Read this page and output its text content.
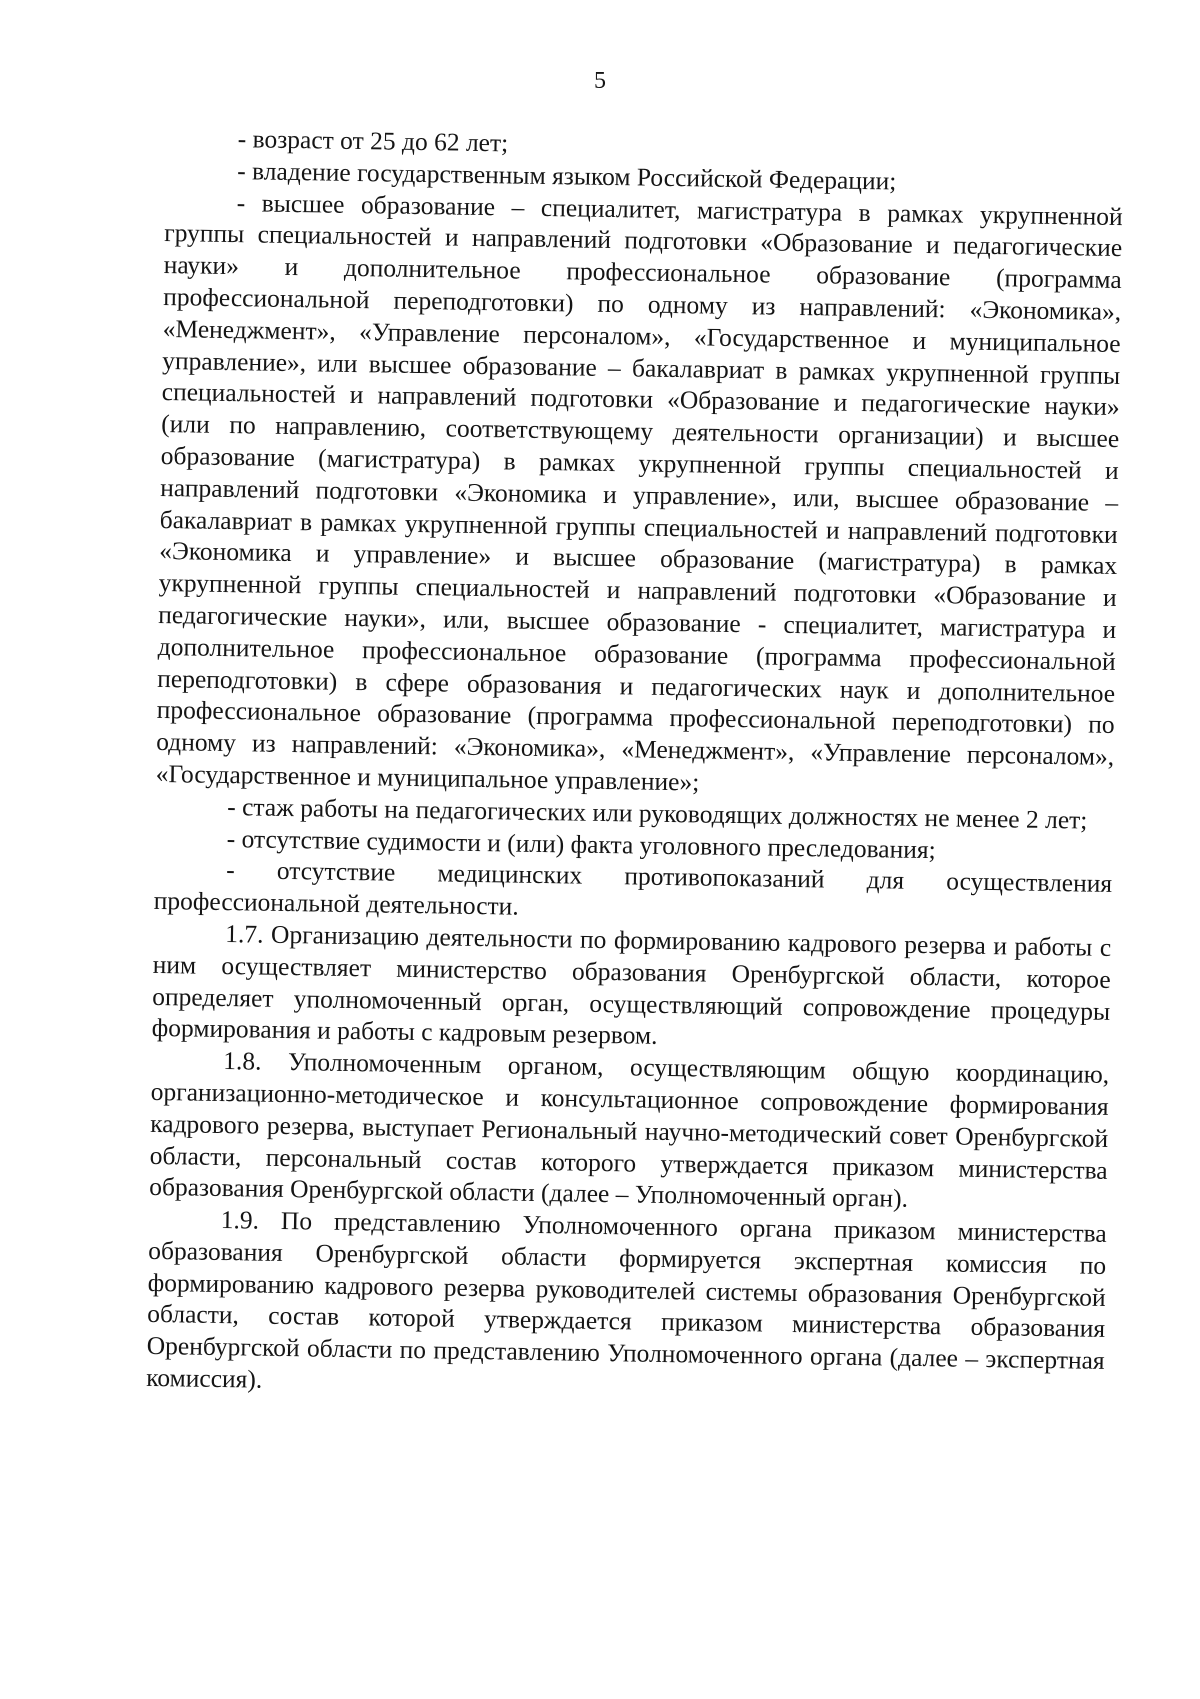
5

- возраст от 25 до 62 лет;

- владение государственным языком Российской Федерации;

- высшее образование – специалитет, магистратура в рамках укрупненной группы специальностей и направлений подготовки «Образование и педагогические науки» и дополнительное профессиональное образование (программа профессиональной переподготовки) по одному из направлений: «Экономика», «Менеджмент», «Управление персоналом», «Государственное и муниципальное управление», или высшее образование – бакалавриат в рамках укрупненной группы специальностей и направлений подготовки «Образование и педагогические науки» (или по направлению, соответствующему деятельности организации) и высшее образование (магистратура) в рамках укрупненной группы специальностей и направлений подготовки «Экономика и управление», или, высшее образование – бакалавриат в рамках укрупненной группы специальностей и направлений подготовки «Экономика и управление» и высшее образование (магистратура) в рамках укрупненной группы специальностей и направлений подготовки «Образование и педагогические науки», или, высшее образование - специалитет, магистратура и дополнительное профессиональное образование (программа профессиональной переподготовки) в сфере образования и педагогических наук и дополнительное профессиональное образование (программа профессиональной переподготовки) по одному из направлений: «Экономика», «Менеджмент», «Управление персоналом», «Государственное и муниципальное управление»;

- стаж работы на педагогических или руководящих должностях не менее 2 лет;

- отсутствие судимости и (или) факта уголовного преследования;

- отсутствие медицинских противопоказаний для осуществления профессиональной деятельности.

1.7. Организацию деятельности по формированию кадрового резерва и работы с ним осуществляет министерство образования Оренбургской области, которое определяет уполномоченный орган, осуществляющий сопровождение процедуры формирования и работы с кадровым резервом.

1.8. Уполномоченным органом, осуществляющим общую координацию, организационно-методическое и консультационное сопровождение формирования кадрового резерва, выступает Региональный научно-методический совет Оренбургской области, персональный состав которого утверждается приказом министерства образования Оренбургской области (далее – Уполномоченный орган).

1.9. По представлению Уполномоченного органа приказом министерства образования Оренбургской области формируется экспертная комиссия по формированию кадрового резерва руководителей системы образования Оренбургской области, состав которой утверждается приказом министерства образования Оренбургской области по представлению Уполномоченного органа (далее – экспертная комиссия).
